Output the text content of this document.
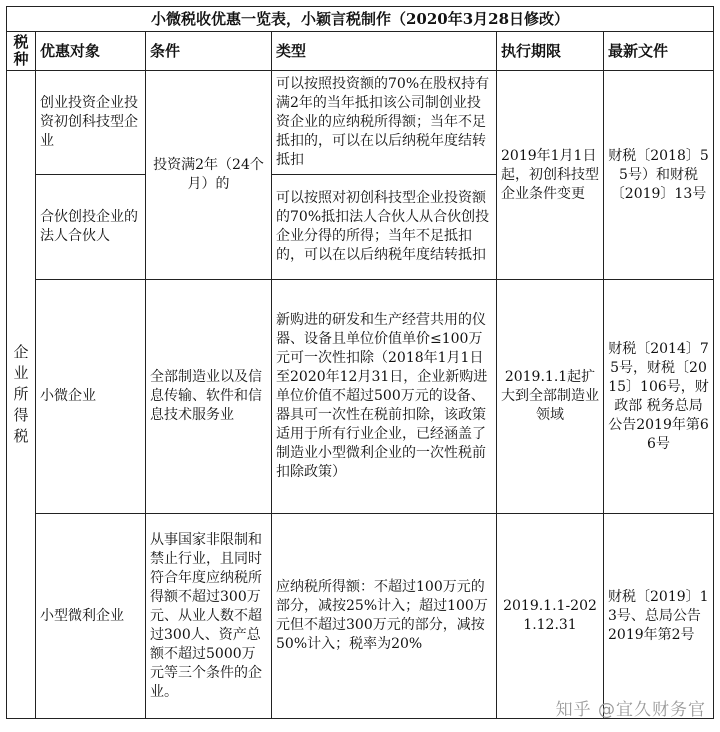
小微税收优惠一览表，小颖言税制作（2020年3月28日修改）					
税种	优惠对象	条件	类型	执行期限	最新文件

企业所得税	创业投资企业投资初创科技型企业	投资满2年（24个月）的	可以按照投资额的70%在股权持有满2年的当年抵扣该公司制创业投资企业的应纳税所得额；当年不足抵扣的，可以在以后纳税年度结转抵扣	2019年1月1日起，初创科技型企业条件变更	财税〔2018〕55号）和财税〔2019〕13号
	合伙创投企业的法人合伙人		可以按照对初创科技型企业投资额的70%抵扣法人合伙人从合伙创投企业分得的所得；当年不足抵扣的，可以在以后纳税年度结转抵扣		
	小微企业	全部制造业以及信息传输、软件和信息技术服务业	新购进的研发和生产经营共用的仪器、设备且单位价值单价≤100万元可一次性扣除（2018年1月1日至2020年12月31日，企业新购进单位价值不超过500万元的设备、器具可一次性在税前扣除，该政策适用于所有行业企业，已经涵盖了制造业小型微利企业的一次性税前扣除政策）	2019.1.1起扩大到全部制造业领域	财税〔2014〕75号，财税〔2015〕106号，财政部 税务总局公告2019年第66号
	小型微利企业	从事国家非限制和禁止行业，且同时符合年度应纳税所得额不超过300万元、从业人数不超过300人、资产总额不超过5000万元等三个条件的企业。	应纳税所得额：不超过100万元的部分，减按25%计入；超过100万元但不超过300万元的部分，减按50%计入；税率为20%	2019.1.1-2021.12.31	财税〔2019〕13号、总局公告2019年第2号
知乎 @宜久财务官
